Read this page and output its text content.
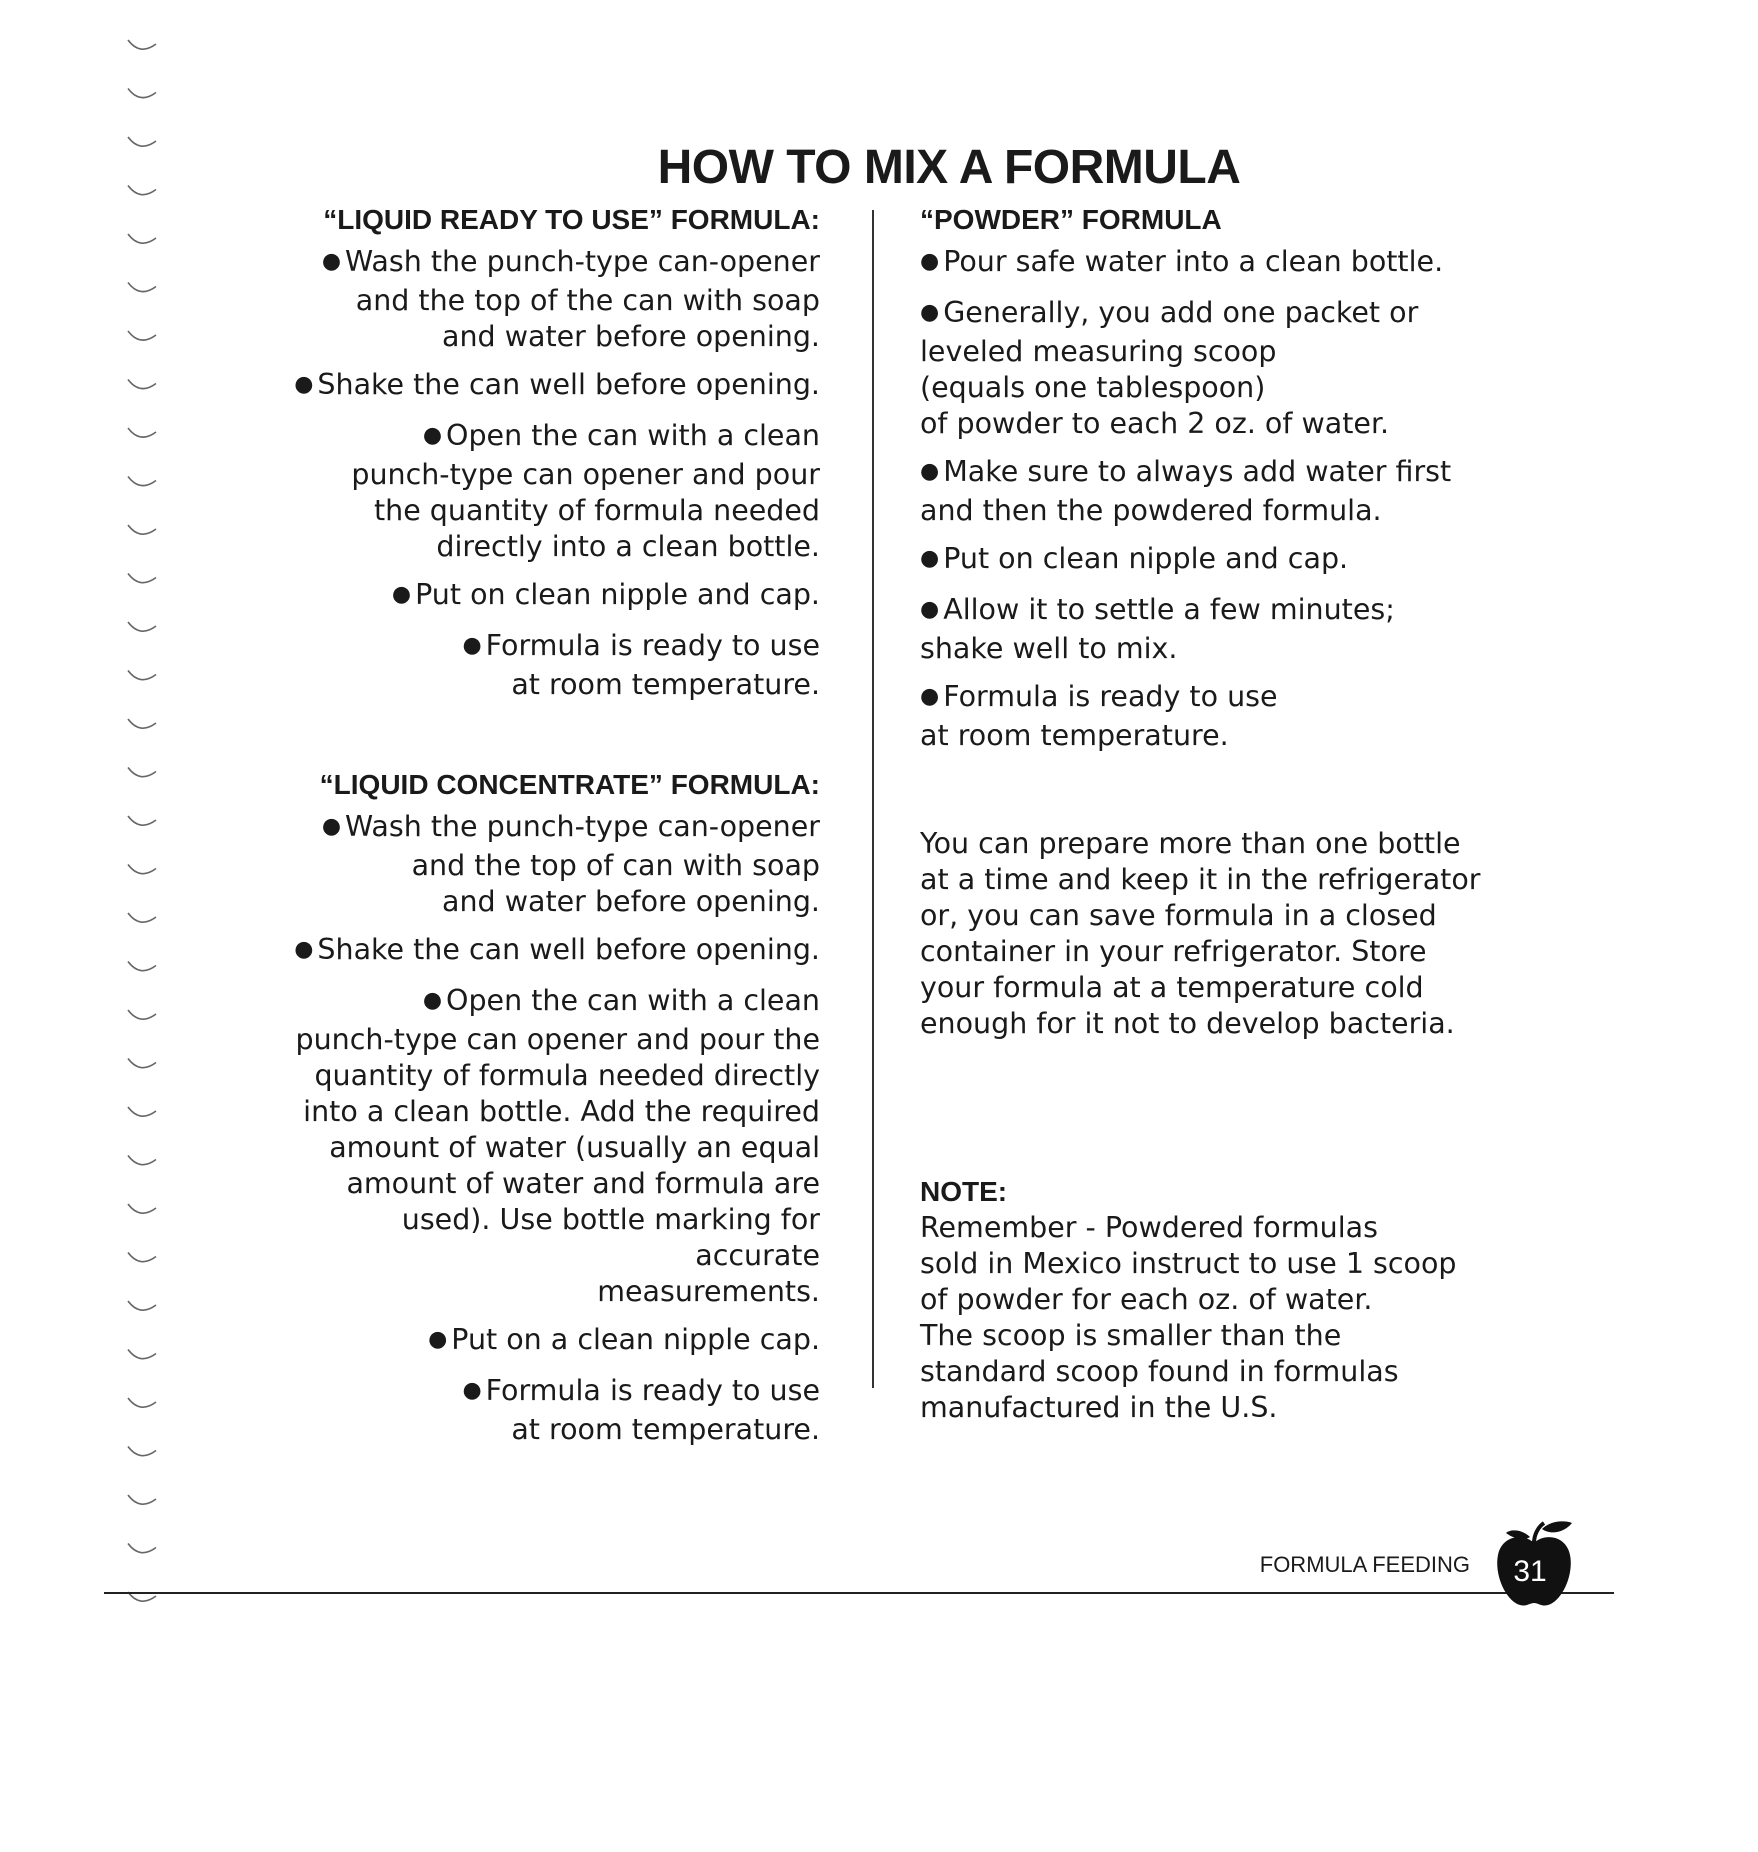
HOW TO MIX A FORMULA
“LIQUID READY TO USE” FORMULA:
● Wash the punch-type can-opener
and the top of the can with soap
and water before opening.
● Shake the can well before opening.
● Open the can with a clean
punch-type can opener and pour
the quantity of formula needed
directly into a clean bottle.
● Put on clean nipple and cap.
● Formula is ready to use
at room temperature.
“LIQUID CONCENTRATE” FORMULA:
● Wash the punch-type can-opener
and the top of can with soap
and water before opening.
● Shake the can well before opening.
● Open the can with a clean
punch-type can opener and pour the
quantity of formula needed directly
into a clean bottle. Add the required
amount of water (usually an equal
amount of water and formula are
used). Use bottle marking for accurate
measurements.
● Put on a clean nipple cap.
● Formula is ready to use
at room temperature.
“POWDER” FORMULA
● Pour safe water into a clean bottle.
● Generally, you add one packet or
leveled measuring scoop
(equals one tablespoon)
of powder to each 2 oz. of water.
● Make sure to always add water first
and then the powdered formula.
● Put on clean nipple and cap.
● Allow it to settle a few minutes;
shake well to mix.
● Formula is ready to use
at room temperature.

You can prepare more than one bottle
at a time and keep it in the refrigerator
or, you can save formula in a closed
container in your refrigerator. Store
your formula at a temperature cold
enough for it not to develop bacteria.

NOTE:

Remember - Powdered formulas
sold in Mexico instruct to use 1 scoop
of powder for each oz. of water.
The scoop is smaller than the
standard scoop found in formulas
manufactured in the U.S.

FORMULA FEEDING	31
